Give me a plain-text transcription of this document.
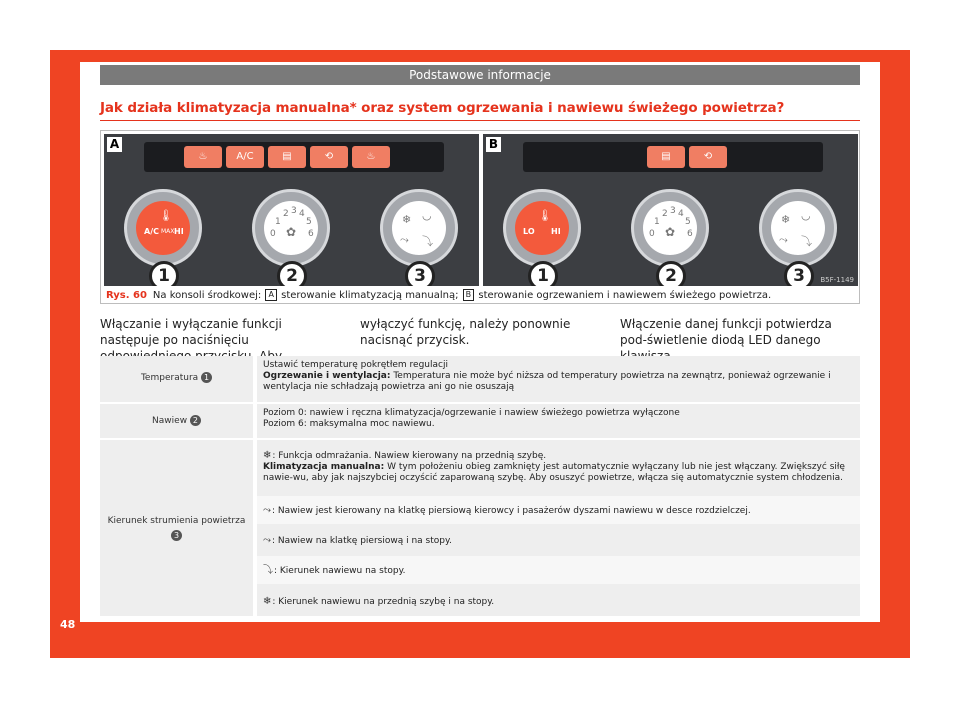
Podstawowe informacje
Jak działa klimatyzacja manualna* oraz system ogrzewania i nawiewu świeżego powietrza?
A
♨	A/C	▤	⟲	♨
A/C MAX HI
🌡
0
1
2 3 4
5
6
✿
❄ ◡
⤳ ⤵
1	2	3
B
▤	⟲
LO HI
🌡
0
1
2 3 4
5
6
✿
❄ ◡
⤳ ⤵
1	2	3	B5F-1149
Rys. 60 Na konsoli środkowej: A sterowanie klimatyzacją manualną; B sterowanie ogrzewaniem i nawiewem świeżego powietrza.
Włączanie i wyłączanie funkcji następuje po naciśnięciu
wyłączyć funkcję, należy ponownie nacisnąć przycisk.
Włączenie danej funkcji potwierdza pod-świetlenie diodą LED danego
Temperatura 1
Ustawić temperaturę pokrętłem regulacji
Ogrzewanie i wentylacja: Temperatura nie może być niższa od temperatury powietrza na zewnątrz, ponieważ ogrzewanie i wentylacja nie schładzają powietrza ani go nie osuszają
Nawiew 2
Poziom 0: nawiew i ręczna klimatyzacja/ogrzewanie i nawiew świeżego powietrza wyłączone
Poziom 6: maksymalna moc nawiewu.
Kierunek strumienia powietrza
3
❄: Funkcja odmrażania. Nawiew kierowany na przednią szybę.
Klimatyzacja manualna: W tym położeniu obieg zamknięty jest automatycznie wyłączany lub nie jest włączany. Zwiększyć siłę nawie-wu, aby jak najszybciej oczyścić zaparowaną szybę. Aby osuszyć powietrze, włącza się automatycznie system chłodzenia.
⤳: Nawiew jest kierowany na klatkę piersiową kierowcy i pasażerów dyszami nawiewu w desce rozdzielczej.
⤳: Nawiew na klatkę piersiową i na stopy.
⤵: Kierunek nawiewu na stopy.
❄: Kierunek nawiewu na przednią szybę i na stopy.
48
